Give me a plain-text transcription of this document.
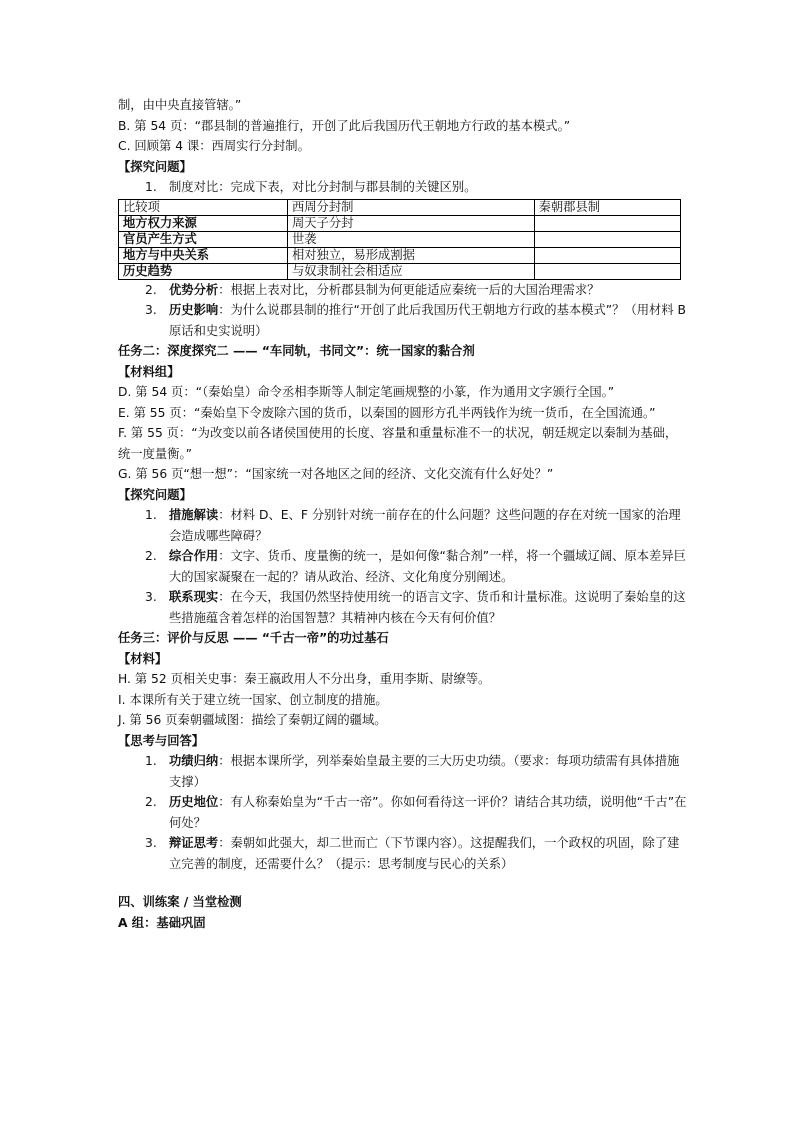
制，由中央直接管辖。”
B. 第 54 页：“郡县制的普遍推行，开创了此后我国历代王朝地方行政的基本模式。”
C. 回顾第 4 课：西周实行分封制。
【探究问题】
1. 制度对比：完成下表，对比分封制与郡县制的关键区别。
比较项	西周分封制	秦朝郡县制
地方权力来源	周天子分封	
官员产生方式	世袭	
地方与中央关系	相对独立，易形成割据	
历史趋势	与奴隶制社会相适应	
2. 优势分析：根据上表对比，分析郡县制为何更能适应秦统一后的大国治理需求？
3. 历史影响：为什么说郡县制的推行“开创了此后我国历代王朝地方行政的基本模式”？（用材料 B 原话和史实说明）
任务二：深度探究二 —— “车同轨，书同文”：统一国家的黏合剂
【材料组】
D. 第 54 页：“（秦始皇）命令丞相李斯等人制定笔画规整的小篆，作为通用文字颁行全国。”
E. 第 55 页：“秦始皇下令废除六国的货币，以秦国的圆形方孔半两钱作为统一货币，在全国流通。”
F. 第 55 页：“为改变以前各诸侯国使用的长度、容量和重量标准不一的状况，朝廷规定以秦制为基础，统一度量衡。”
G. 第 56 页“想一想”：“国家统一对各地区之间的经济、文化交流有什么好处？”
【探究问题】
1. 措施解读：材料 D、E、F 分别针对统一前存在的什么问题？这些问题的存在对统一国家的治理会造成哪些障碍？
2. 综合作用：文字、货币、度量衡的统一，是如何像“黏合剂”一样，将一个疆域辽阔、原本差异巨大的国家凝聚在一起的？请从政治、经济、文化角度分别阐述。
3. 联系现实：在今天，我国仍然坚持使用统一的语言文字、货币和计量标准。这说明了秦始皇的这些措施蕴含着怎样的治国智慧？其精神内核在今天有何价值？
任务三：评价与反思 —— “千古一帝”的功过基石
【材料】
H. 第 52 页相关史事：秦王嬴政用人不分出身，重用李斯、尉缭等。
I. 本课所有关于建立统一国家、创立制度的措施。
J. 第 56 页秦朝疆域图：描绘了秦朝辽阔的疆域。
【思考与回答】
1. 功绩归纳：根据本课所学，列举秦始皇最主要的三大历史功绩。（要求：每项功绩需有具体措施支撑）
2. 历史地位：有人称秦始皇为“千古一帝”。你如何看待这一评价？请结合其功绩，说明他“千古”在何处？
3. 辩证思考：秦朝如此强大，却二世而亡（下节课内容）。这提醒我们，一个政权的巩固，除了建立完善的制度，还需要什么？（提示：思考制度与民心的关系）
四、训练案 / 当堂检测
A 组：基础巩固
